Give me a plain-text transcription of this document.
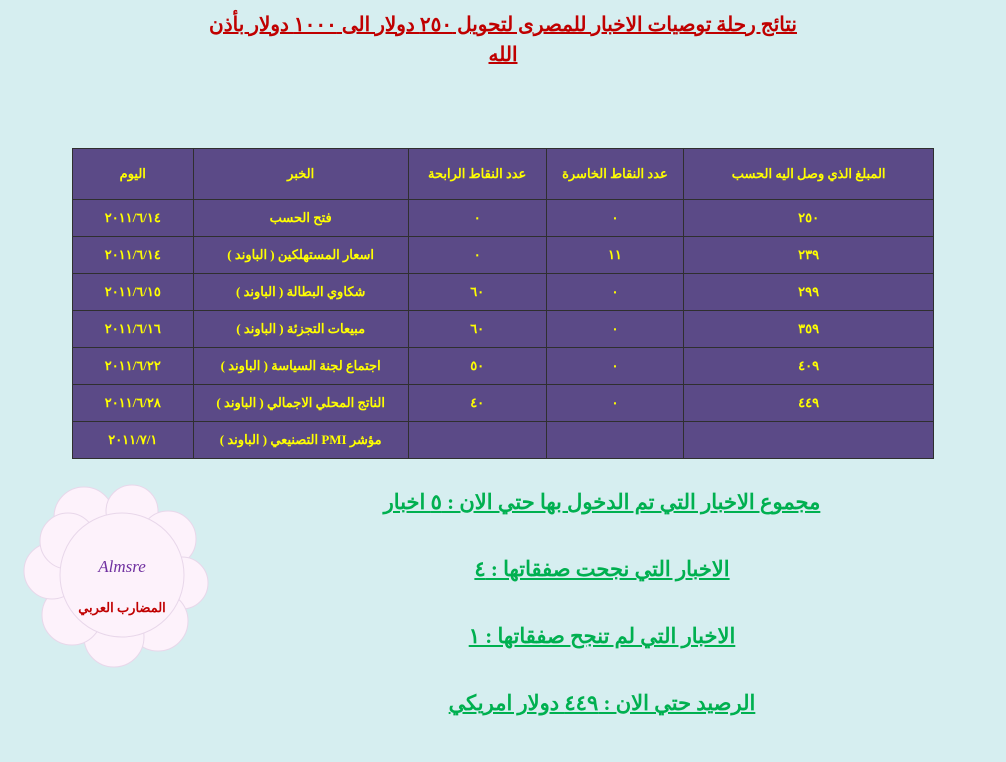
نتائج رحلة توصيات الاخبار للمصرى لتحويل ٢٥٠ دولار الى ١٠٠٠ دولار بأذن الله
المبلغ الذي وصل اليه الحسب	عدد النقاط الخاسرة	عدد النقاط الرابحة	الخبر	اليوم
٢٥٠	٠	٠	فتح الحسب	٢٠١١/٦/١٤
٢٣٩	١١	٠	اسعار المستهلكين ( الباوند )	٢٠١١/٦/١٤
٢٩٩	٠	٦٠	شكاوي البطالة ( الباوند )	٢٠١١/٦/١٥
٣٥٩	٠	٦٠	مبيعات التجزئة ( الباوند )	٢٠١١/٦/١٦
٤٠٩	٠	٥٠	اجتماع لجنة السياسة ( الباوند )	٢٠١١/٦/٢٢
٤٤٩	٠	٤٠	الناتج المحلي الاجمالي ( الباوند )	٢٠١١/٦/٢٨
			مؤشر PMI التصنيعي ( الباوند )	٢٠١١/٧/١
Almsre
المضارب العربي
مجموع الاخبار التي تم الدخول بها حتي الان : ٥ اخبار
الاخبار التي نجحت صفقاتها : ٤
الاخبار التي لم تنجح صفقاتها : ١
الرصيد حتي الان : ٤٤٩ دولار امريكي
